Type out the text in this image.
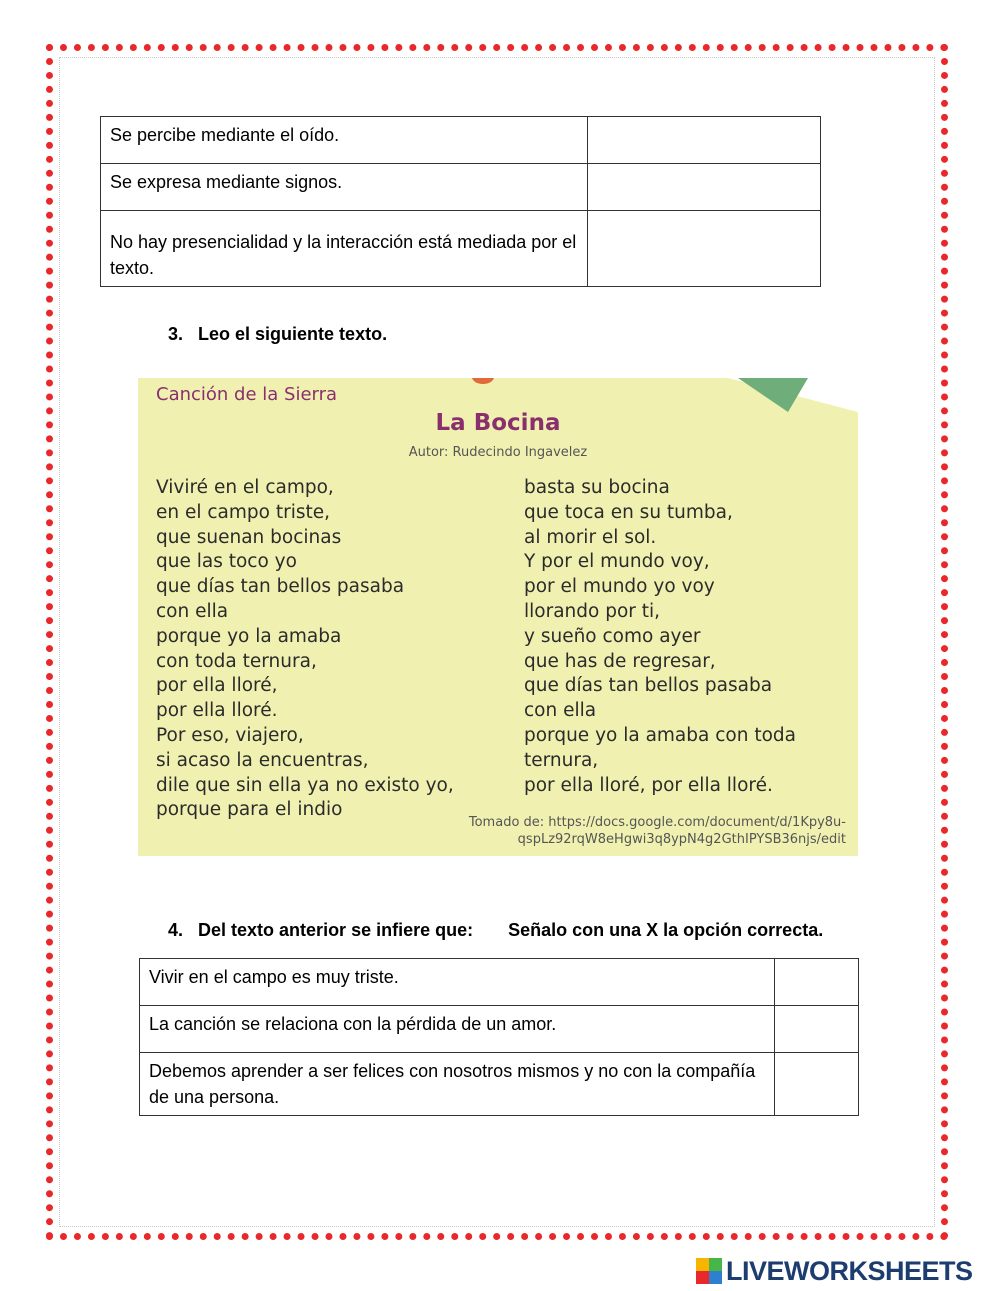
Se percibe mediante el oído.	
Se expresa mediante signos.	
No hay presencialidad y la interacción está mediada por el texto.	
3. Leo el siguiente texto.
Canción de la Sierra
La Bocina
Autor: Rudecindo Ingavelez
Viviré en el campo,
en el campo triste,
que suenan bocinas
que las toco yo
que días tan bellos pasaba
con ella
porque yo la amaba
con toda ternura,
por ella lloré,
por ella lloré.
Por eso, viajero,
si acaso la encuentras,
dile que sin ella ya no existo yo,
porque para el indio
basta su bocina
que toca en su tumba,
al morir el sol.
Y por el mundo voy,
por el mundo yo voy
llorando por ti,
y sueño como ayer
que has de regresar,
que días tan bellos pasaba
con ella
porque yo la amaba con toda
ternura,
por ella lloré, por ella lloré.
Tomado de: https://docs.google.com/document/d/1Kpy8u-
qspLz92rqW8eHgwi3q8ypN4g2GthIPYSB36njs/edit
4. Del texto anterior se infiere que: Señalo con una X la opción correcta.
Vivir en el campo es muy triste.	
La canción se relaciona con la pérdida de un amor.	
Debemos aprender a ser felices con nosotros mismos y no con la compañía de una persona.	
LIVEWORKSHEETS
